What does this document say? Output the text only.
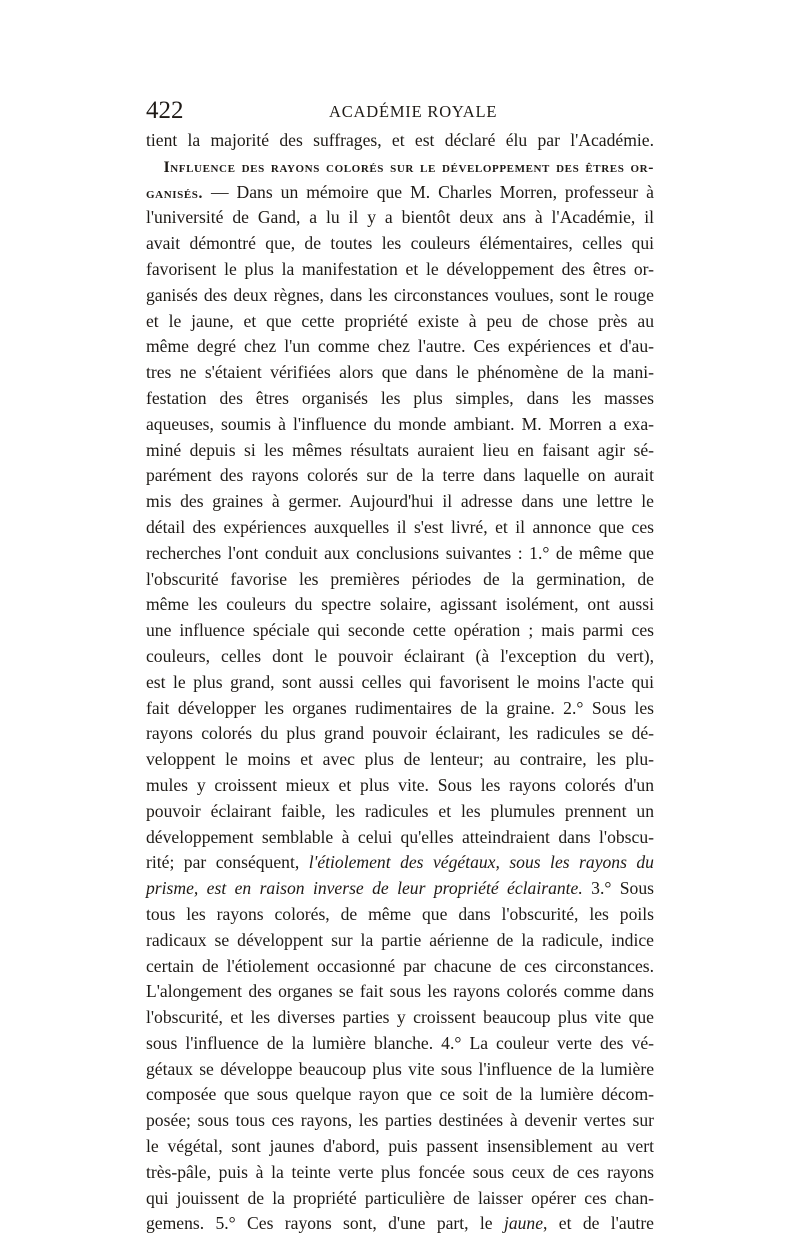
422	ACADÉMIE ROYALE
tient la majorité des suffrages, et est déclaré élu par l'Académie.
 Influence des rayons colorés sur le développement des êtres or-
ganisés. — Dans un mémoire que M. Charles Morren, professeur à
l'université de Gand, a lu il y a bientôt deux ans à l'Académie, il
avait démontré que, de toutes les couleurs élémentaires, celles qui
favorisent le plus la manifestation et le développement des êtres or-
ganisés des deux règnes, dans les circonstances voulues, sont le rouge
et le jaune, et que cette propriété existe à peu de chose près au
même degré chez l'un comme chez l'autre. Ces expériences et d'au-
tres ne s'étaient vérifiées alors que dans le phénomène de la mani-
festation des êtres organisés les plus simples, dans les masses
aqueuses, soumis à l'influence du monde ambiant. M. Morren a exa-
miné depuis si les mêmes résultats auraient lieu en faisant agir sé-
parément des rayons colorés sur de la terre dans laquelle on aurait
mis des graines à germer. Aujourd'hui il adresse dans une lettre le
détail des expériences auxquelles il s'est livré, et il annonce que ces
recherches l'ont conduit aux conclusions suivantes : 1.° de même que
l'obscurité favorise les premières périodes de la germination, de
même les couleurs du spectre solaire, agissant isolément, ont aussi
une influence spéciale qui seconde cette opération ; mais parmi ces
couleurs, celles dont le pouvoir éclairant (à l'exception du vert),
est le plus grand, sont aussi celles qui favorisent le moins l'acte qui
fait développer les organes rudimentaires de la graine. 2.° Sous les
rayons colorés du plus grand pouvoir éclairant, les radicules se dé-
veloppent le moins et avec plus de lenteur; au contraire, les plu-
mules y croissent mieux et plus vite. Sous les rayons colorés d'un
pouvoir éclairant faible, les radicules et les plumules prennent un
développement semblable à celui qu'elles atteindraient dans l'obscu-
rité; par conséquent, l'étiolement des végétaux, sous les rayons du
prisme, est en raison inverse de leur propriété éclairante. 3.° Sous
tous les rayons colorés, de même que dans l'obscurité, les poils
radicaux se développent sur la partie aérienne de la radicule, indice
certain de l'étiolement occasionné par chacune de ces circonstances.
L'alongement des organes se fait sous les rayons colorés comme dans
l'obscurité, et les diverses parties y croissent beaucoup plus vite que
sous l'influence de la lumière blanche. 4.° La couleur verte des vé-
gétaux se développe beaucoup plus vite sous l'influence de la lumière
composée que sous quelque rayon que ce soit de la lumière décom-
posée; sous tous ces rayons, les parties destinées à devenir vertes sur
le végétal, sont jaunes d'abord, puis passent insensiblement au vert
très-pâle, puis à la teinte verte plus foncée sous ceux de ces rayons
qui jouissent de la propriété particulière de laisser opérer ces chan-
gemens. 5.° Ces rayons sont, d'une part, le jaune, et de l'autre
